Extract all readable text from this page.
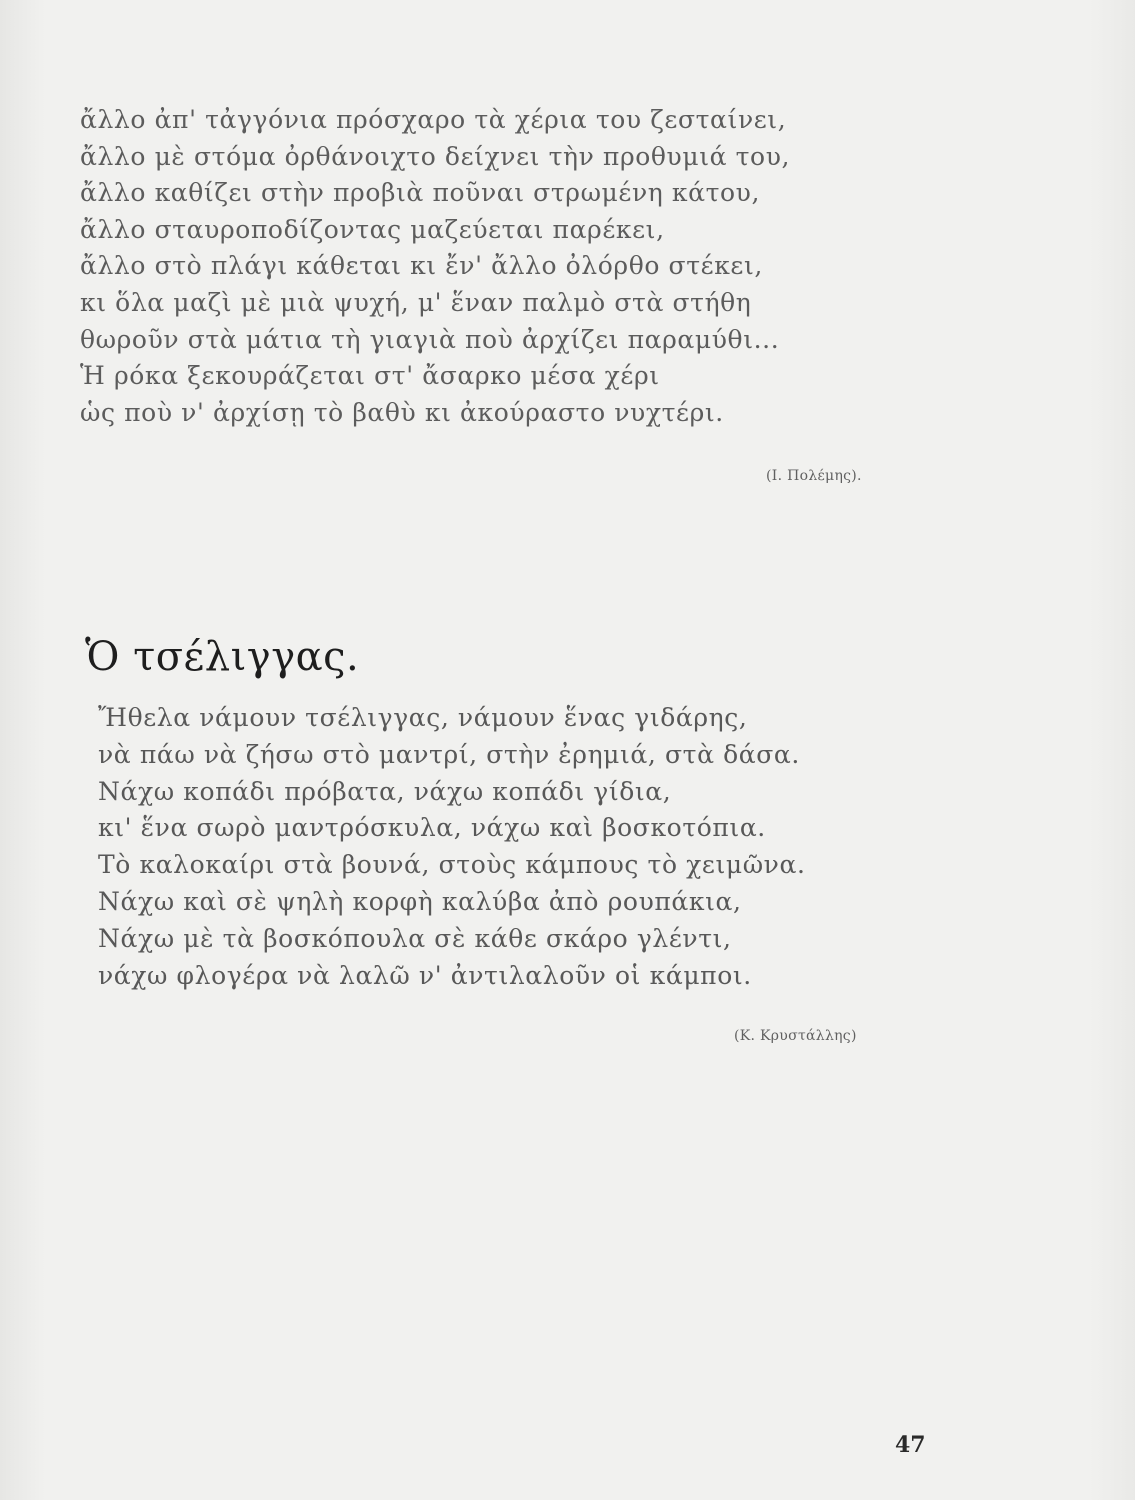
ἄλλο ἀπ' τἀγγόνια πρόσχαρο τὰ χέρια του ζεσταίνει,
ἄλλο μὲ στόμα ὀρθάνοιχτο δείχνει τὴν προθυμιά του,
ἄλλο καθίζει στὴν προβιὰ ποῦναι στρωμένη κάτου,
ἄλλο σταυροποδίζοντας μαζεύεται παρέκει,
ἄλλο στὸ πλάγι κάθεται κι ἔν' ἄλλο ὀλόρθο στέκει,
κι ὅλα μαζὶ μὲ μιὰ ψυχή, μ' ἕναν παλμὸ στὰ στήθη
θωροῦν στὰ μάτια τὴ γιαγιὰ ποὺ ἀρχίζει παραμύθι...
Ἡ ρόκα ξεκουράζεται στ' ἄσαρκο μέσα χέρι
ὡς ποὺ ν' ἀρχίσῃ τὸ βαθὺ κι ἀκούραστο νυχτέρι.
(Ι. Πολέμης).
Ὁ τσέλιγγας.
Ἤθελα νάμουν τσέλιγγας, νάμουν ἕνας γιδάρης,
νὰ πάω νὰ ζήσω στὸ μαντρί, στὴν ἐρημιά, στὰ δάσα.
Νάχω κοπάδι πρόβατα, νάχω κοπάδι γίδια,
κι' ἕνα σωρὸ μαντρόσκυλα, νάχω καὶ βοσκοτόπια.
Τὸ καλοκαίρι στὰ βουνά, στοὺς κάμπους τὸ χειμῶνα.
Νάχω καὶ σὲ ψηλὴ κορφὴ καλύβα ἀπὸ ρουπάκια,
Νάχω μὲ τὰ βοσκόπουλα σὲ κάθε σκάρο γλέντι,
νάχω φλογέρα νὰ λαλῶ ν' ἀντιλαλοῦν οἱ κάμποι.
(Κ. Κρυστάλλης)
47
